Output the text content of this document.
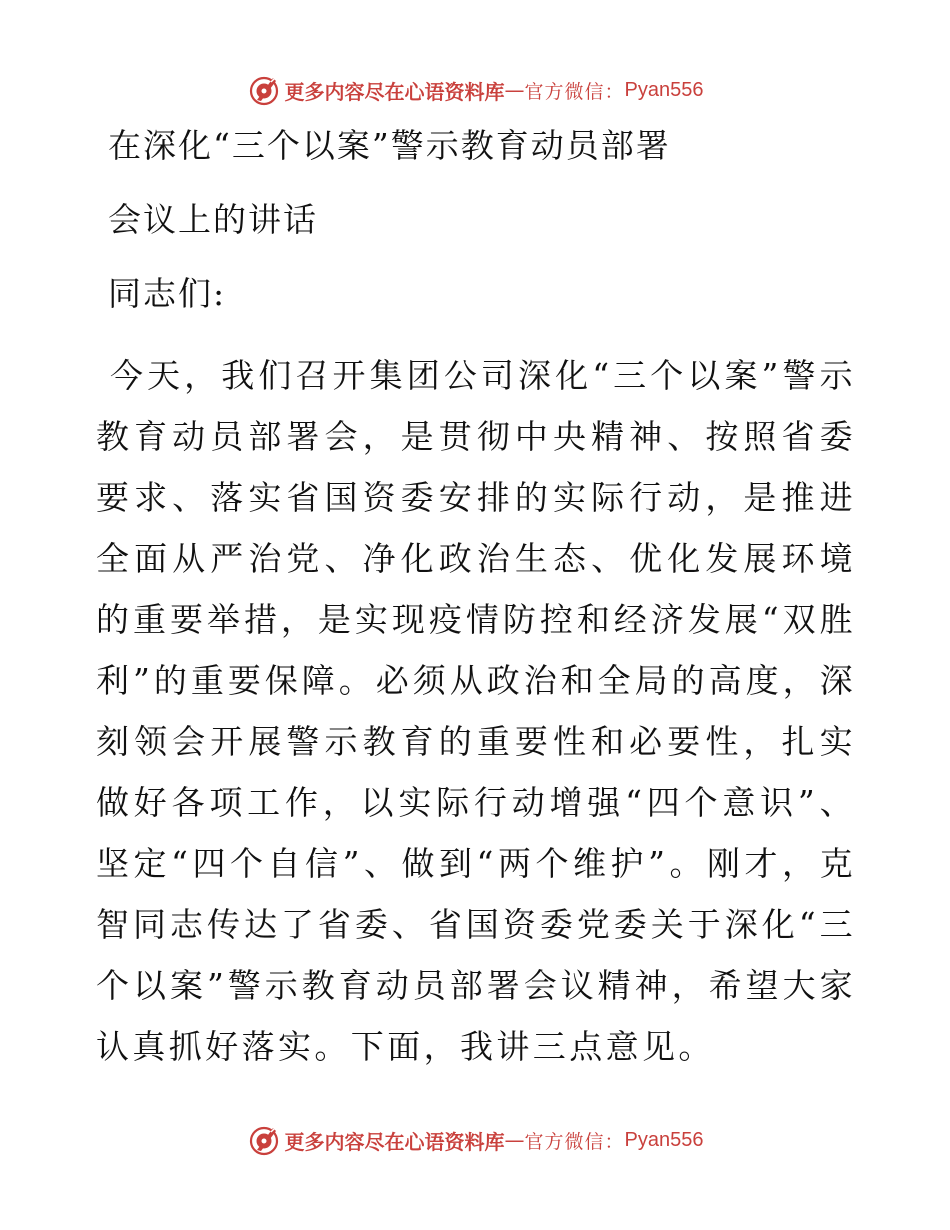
更多内容尽在心语资料库 — 官方微信： Pyan556
在深化“三个以案”警示教育动员部署
会议上的讲话
同志们:

今天，我们召开集团公司深化“三个以案”警示教育动员部署会，是贯彻中央精神、按照省委要求、落实省国资委安排的实际行动，是推进全面从严治党、净化政治生态、优化发展环境的重要举措，是实现疫情防控和经济发展“双胜利”的重要保障。必须从政治和全局的高度，深刻领会开展警示教育的重要性和必要性，扎实做好各项工作，以实际行动增强“四个意识”、坚定“四个自信”、做到“两个维护”。刚才，克智同志传达了省委、省国资委党委关于深化“三个以案”警示教育动员部署会议精神，希望大家认真抓好落实。下面，我讲三点意见。

更多内容尽在心语资料库 — 官方微信： Pyan556
